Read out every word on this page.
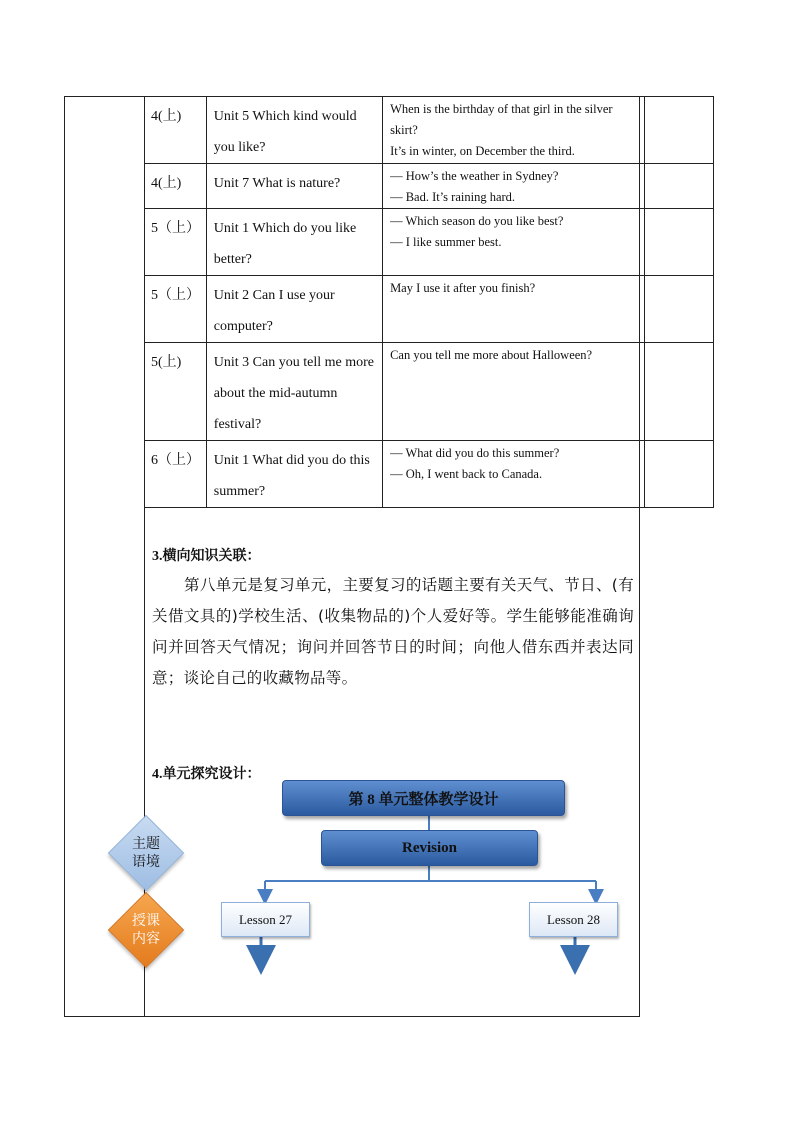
4(上)	Unit 5 Which kind would you like?	When is the birthday of that girl in the silver skirt?
It’s in winter, on December the third.	
4(上)	Unit 7 What is nature?	— How’s the weather in Sydney?
— Bad. It’s raining hard.	
5（上）	Unit 1 Which do you like better?	— Which season do you like best?
— I like summer best.	
5（上）	Unit 2 Can I use your computer?	May I use it after you finish?	
5(上)	Unit 3 Can you tell me more about the mid-autumn festival?	Can you tell me more about Halloween?	
6（上）	Unit 1 What did you do this summer?	— What did you do this summer?
— Oh, I went back to Canada.	
3.横向知识关联：
第八单元是复习单元，主要复习的话题主要有关天气、节日、(有关借文具的)学校生活、(收集物品的)个人爱好等。学生能够能准确询问并回答天气情况；询问并回答节日的时间；向他人借东西并表达同意；谈论自己的收藏物品等。
4.单元探究设计：
第 8 单元整体教学设计
Revision
Lesson 27	Lesson 28
主题
语境
授课
内容
